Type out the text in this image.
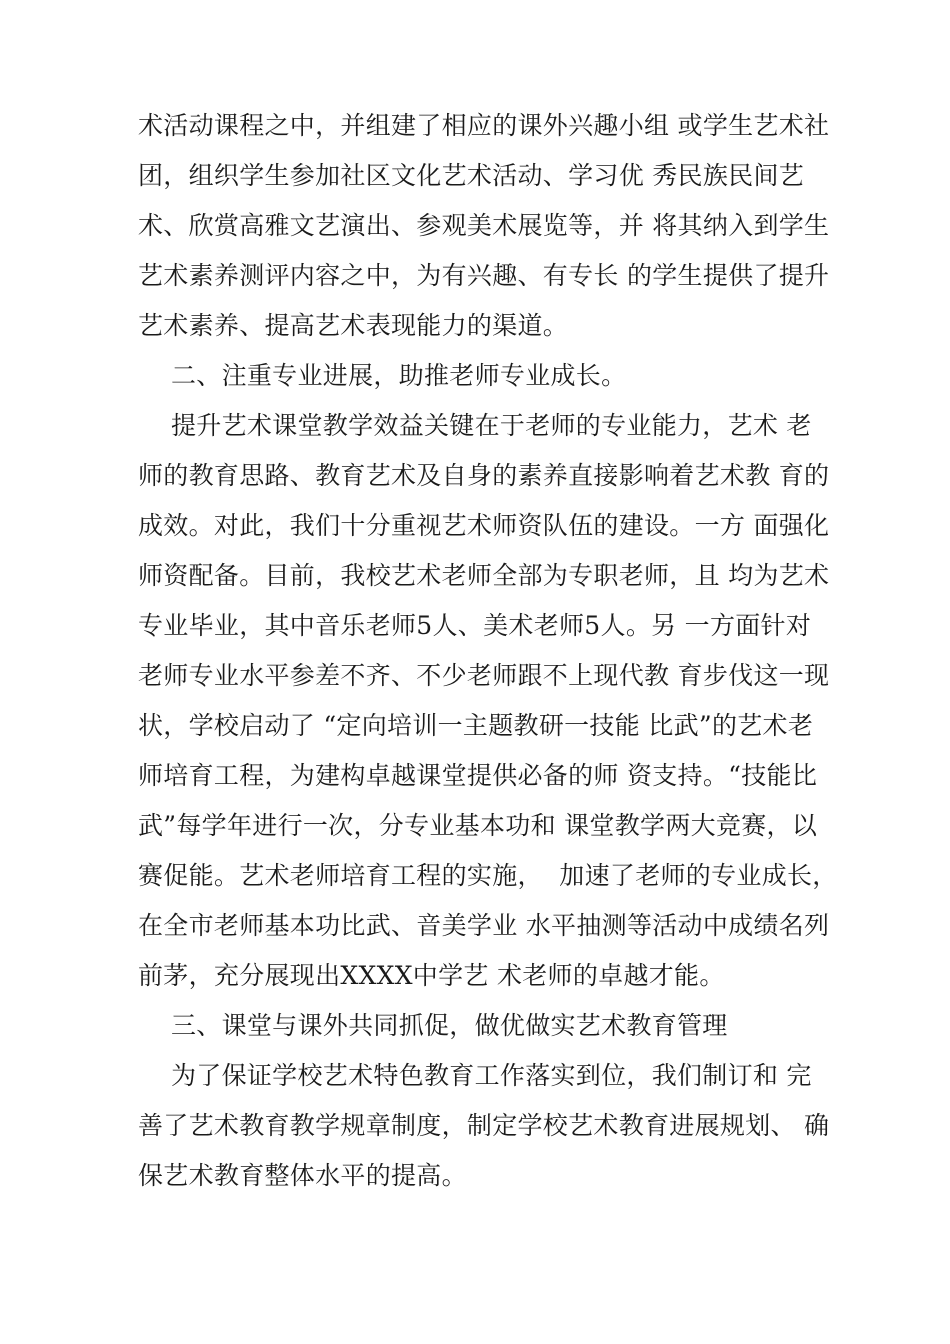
术活动课程之中，并组建了相应的课外兴趣小组 或学生艺术社
团，组织学生参加社区文化艺术活动、学习优 秀民族民间艺
术、欣赏高雅文艺演出、参观美术展览等，并 将其纳入到学生
艺术素养测评内容之中，为有兴趣、有专长 的学生提供了提升
艺术素养、提高艺术表现能力的渠道。
二、注重专业进展，助推老师专业成长。
提升艺术课堂教学效益关键在于老师的专业能力，艺术 老
师的教育思路、教育艺术及自身的素养直接影响着艺术教 育的
成效。对此，我们十分重视艺术师资队伍的建设。一方 面强化
师资配备。目前，我校艺术老师全部为专职老师，且 均为艺术
专业毕业，其中音乐老师5人、美术老师5人。另 一方面针对
老师专业水平参差不齐、不少老师跟不上现代教 育步伐这一现
状，学校启动了 “定向培训一主题教研一技能 比武”的艺术老
师培育工程，为建构卓越课堂提供必备的师 资支持。“技能比
武”每学年进行一次，分专业基本功和 课堂教学两大竞赛，以
赛促能。艺术老师培育工程的实施，  加速了老师的专业成长，
在全市老师基本功比武、音美学业 水平抽测等活动中成绩名列
前茅，充分展现出XXXX中学艺 术老师的卓越才能。
三、课堂与课外共同抓促，做优做实艺术教育管理
为了保证学校艺术特色教育工作落实到位，我们制订和 完
善了艺术教育教学规章制度，制定学校艺术教育进展规划、 确
保艺术教育整体水平的提高。
